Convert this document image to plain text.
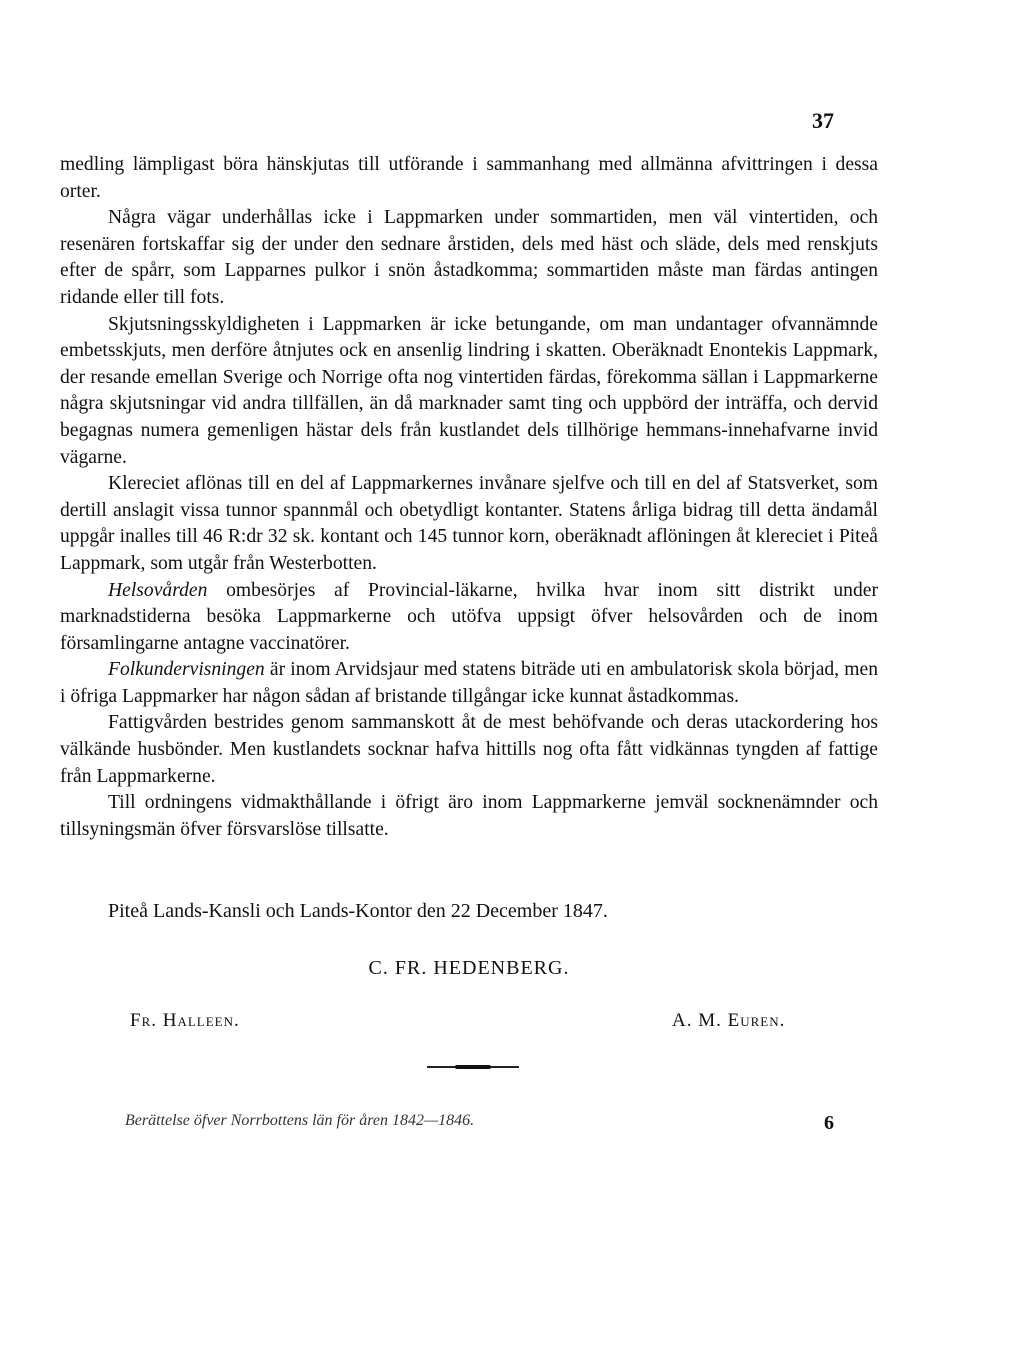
37

medling lämpligast böra hänskjutas till utförande i sammanhang med allmänna afvittringen i dessa orter.

Några vägar underhållas icke i Lappmarken under sommartiden, men väl vintertiden, och resenären fortskaffar sig der under den sednare årstiden, dels med häst och släde, dels med renskjuts efter de spårr, som Lapparnes pulkor i snön åstadkomma; sommartiden måste man färdas antingen ridande eller till fots.

Skjutsningsskyldigheten i Lappmarken är icke betungande, om man undantager ofvannämnde embetsskjuts, men derföre åtnjutes ock en ansenlig lindring i skatten. Oberäknadt Enontekis Lappmark, der resande emellan Sverige och Norrige ofta nog vintertiden färdas, förekomma sällan i Lappmarkerne några skjutsningar vid andra tillfällen, än då marknader samt ting och uppbörd der inträffa, och dervid begagnas numera gemenligen hästar dels från kustlandet dels tillhörige hemmans-innehafvarne invid vägarne.

Klereciet aflönas till en del af Lappmarkernes invånare sjelfve och till en del af Statsverket, som dertill anslagit vissa tunnor spannmål och obetydligt kontanter. Statens årliga bidrag till detta ändamål uppgår inalles till 46 R:dr 32 sk. kontant och 145 tunnor korn, oberäknadt aflöningen åt klereciet i Piteå Lappmark, som utgår från Westerbotten.

Helsovården ombesörjes af Provincial-läkarne, hvilka hvar inom sitt distrikt under marknadstiderna besöka Lappmarkerne och utöfva uppsigt öfver helsovården och de inom församlingarne antagne vaccinatörer.

Folkundervisningen är inom Arvidsjaur med statens biträde uti en ambulatorisk skola börjad, men i öfriga Lappmarker har någon sådan af bristande tillgångar icke kunnat åstadkommas.

Fattigvården bestrides genom sammanskott åt de mest behöfvande och deras utackordering hos välkände husbönder. Men kustlandets socknar hafva hittills nog ofta fått vidkännas tyngden af fattige från Lappmarkerne.

Till ordningens vidmakthållande i öfrigt äro inom Lappmarkerne jemväl socknenämnder och tillsyningsmän öfver försvarslöse tillsatte.

Piteå Lands-Kansli och Lands-Kontor den 22 December 1847.
C. FR. HEDENBERG.
Fr. Halleen.	A. M. Euren.
Berättelse öfver Norrbottens län för åren 1842—1846.	6
